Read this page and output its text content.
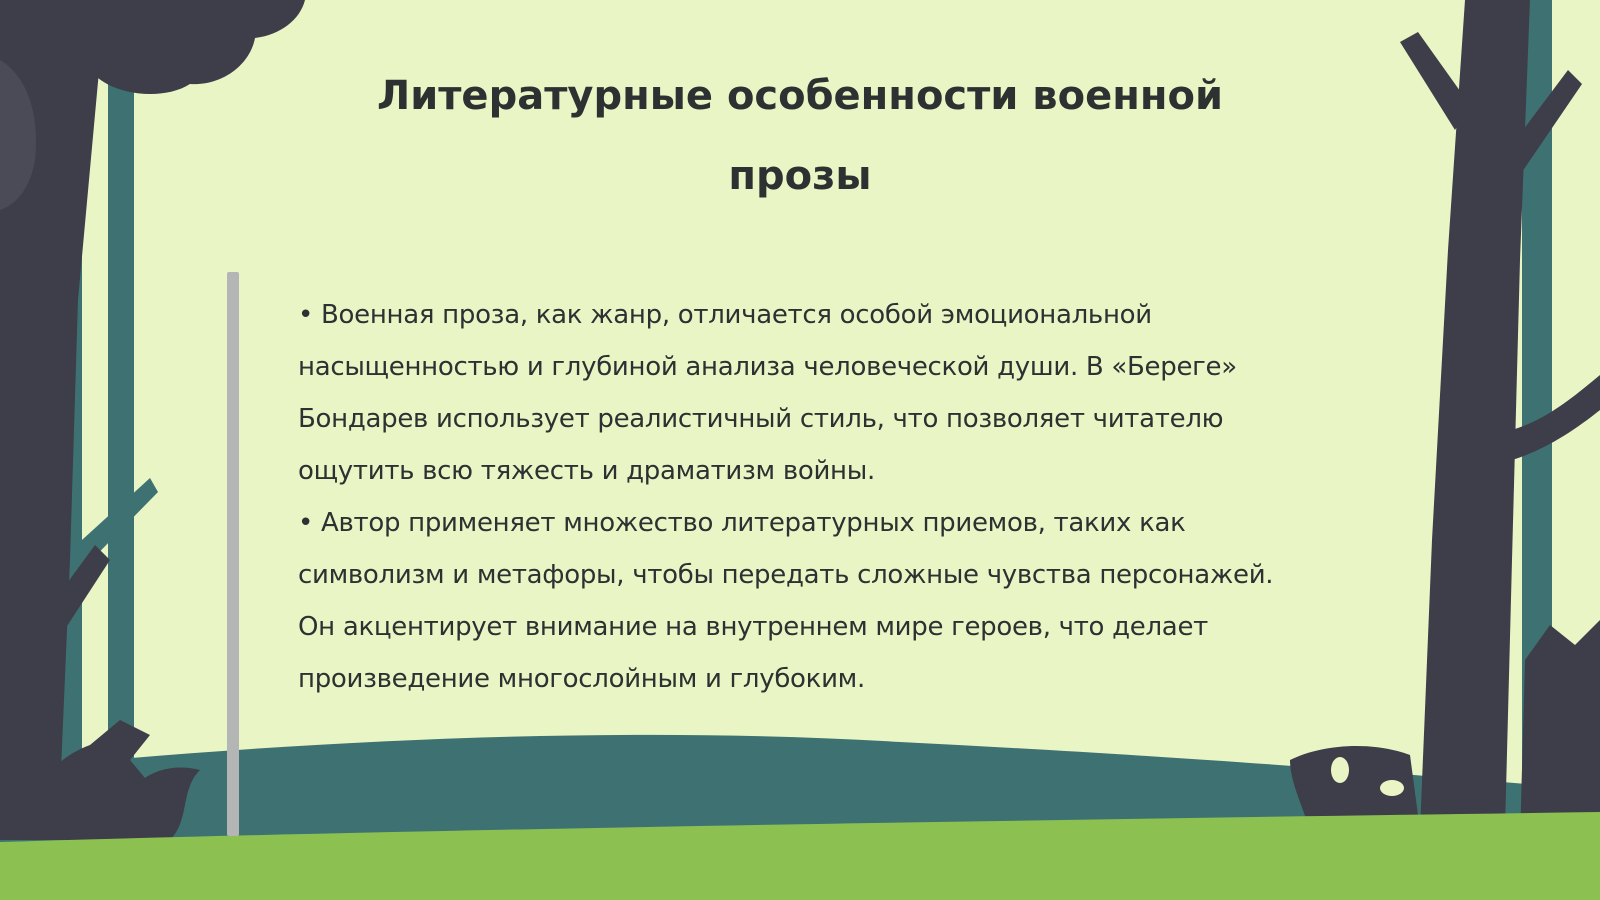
Литературные особенности военной прозы

• Военная проза, как жанр, отличается особой эмоциональной насыщенностью и глубиной анализа человеческой души. В «Береге» Бондарев использует реалистичный стиль, что позволяет читателю ощутить всю тяжесть и драматизм войны.

• Автор применяет множество литературных приемов, таких как символизм и метафоры, чтобы передать сложные чувства персонажей. Он акцентирует внимание на внутреннем мире героев, что делает произведение многослойным и глубоким.
